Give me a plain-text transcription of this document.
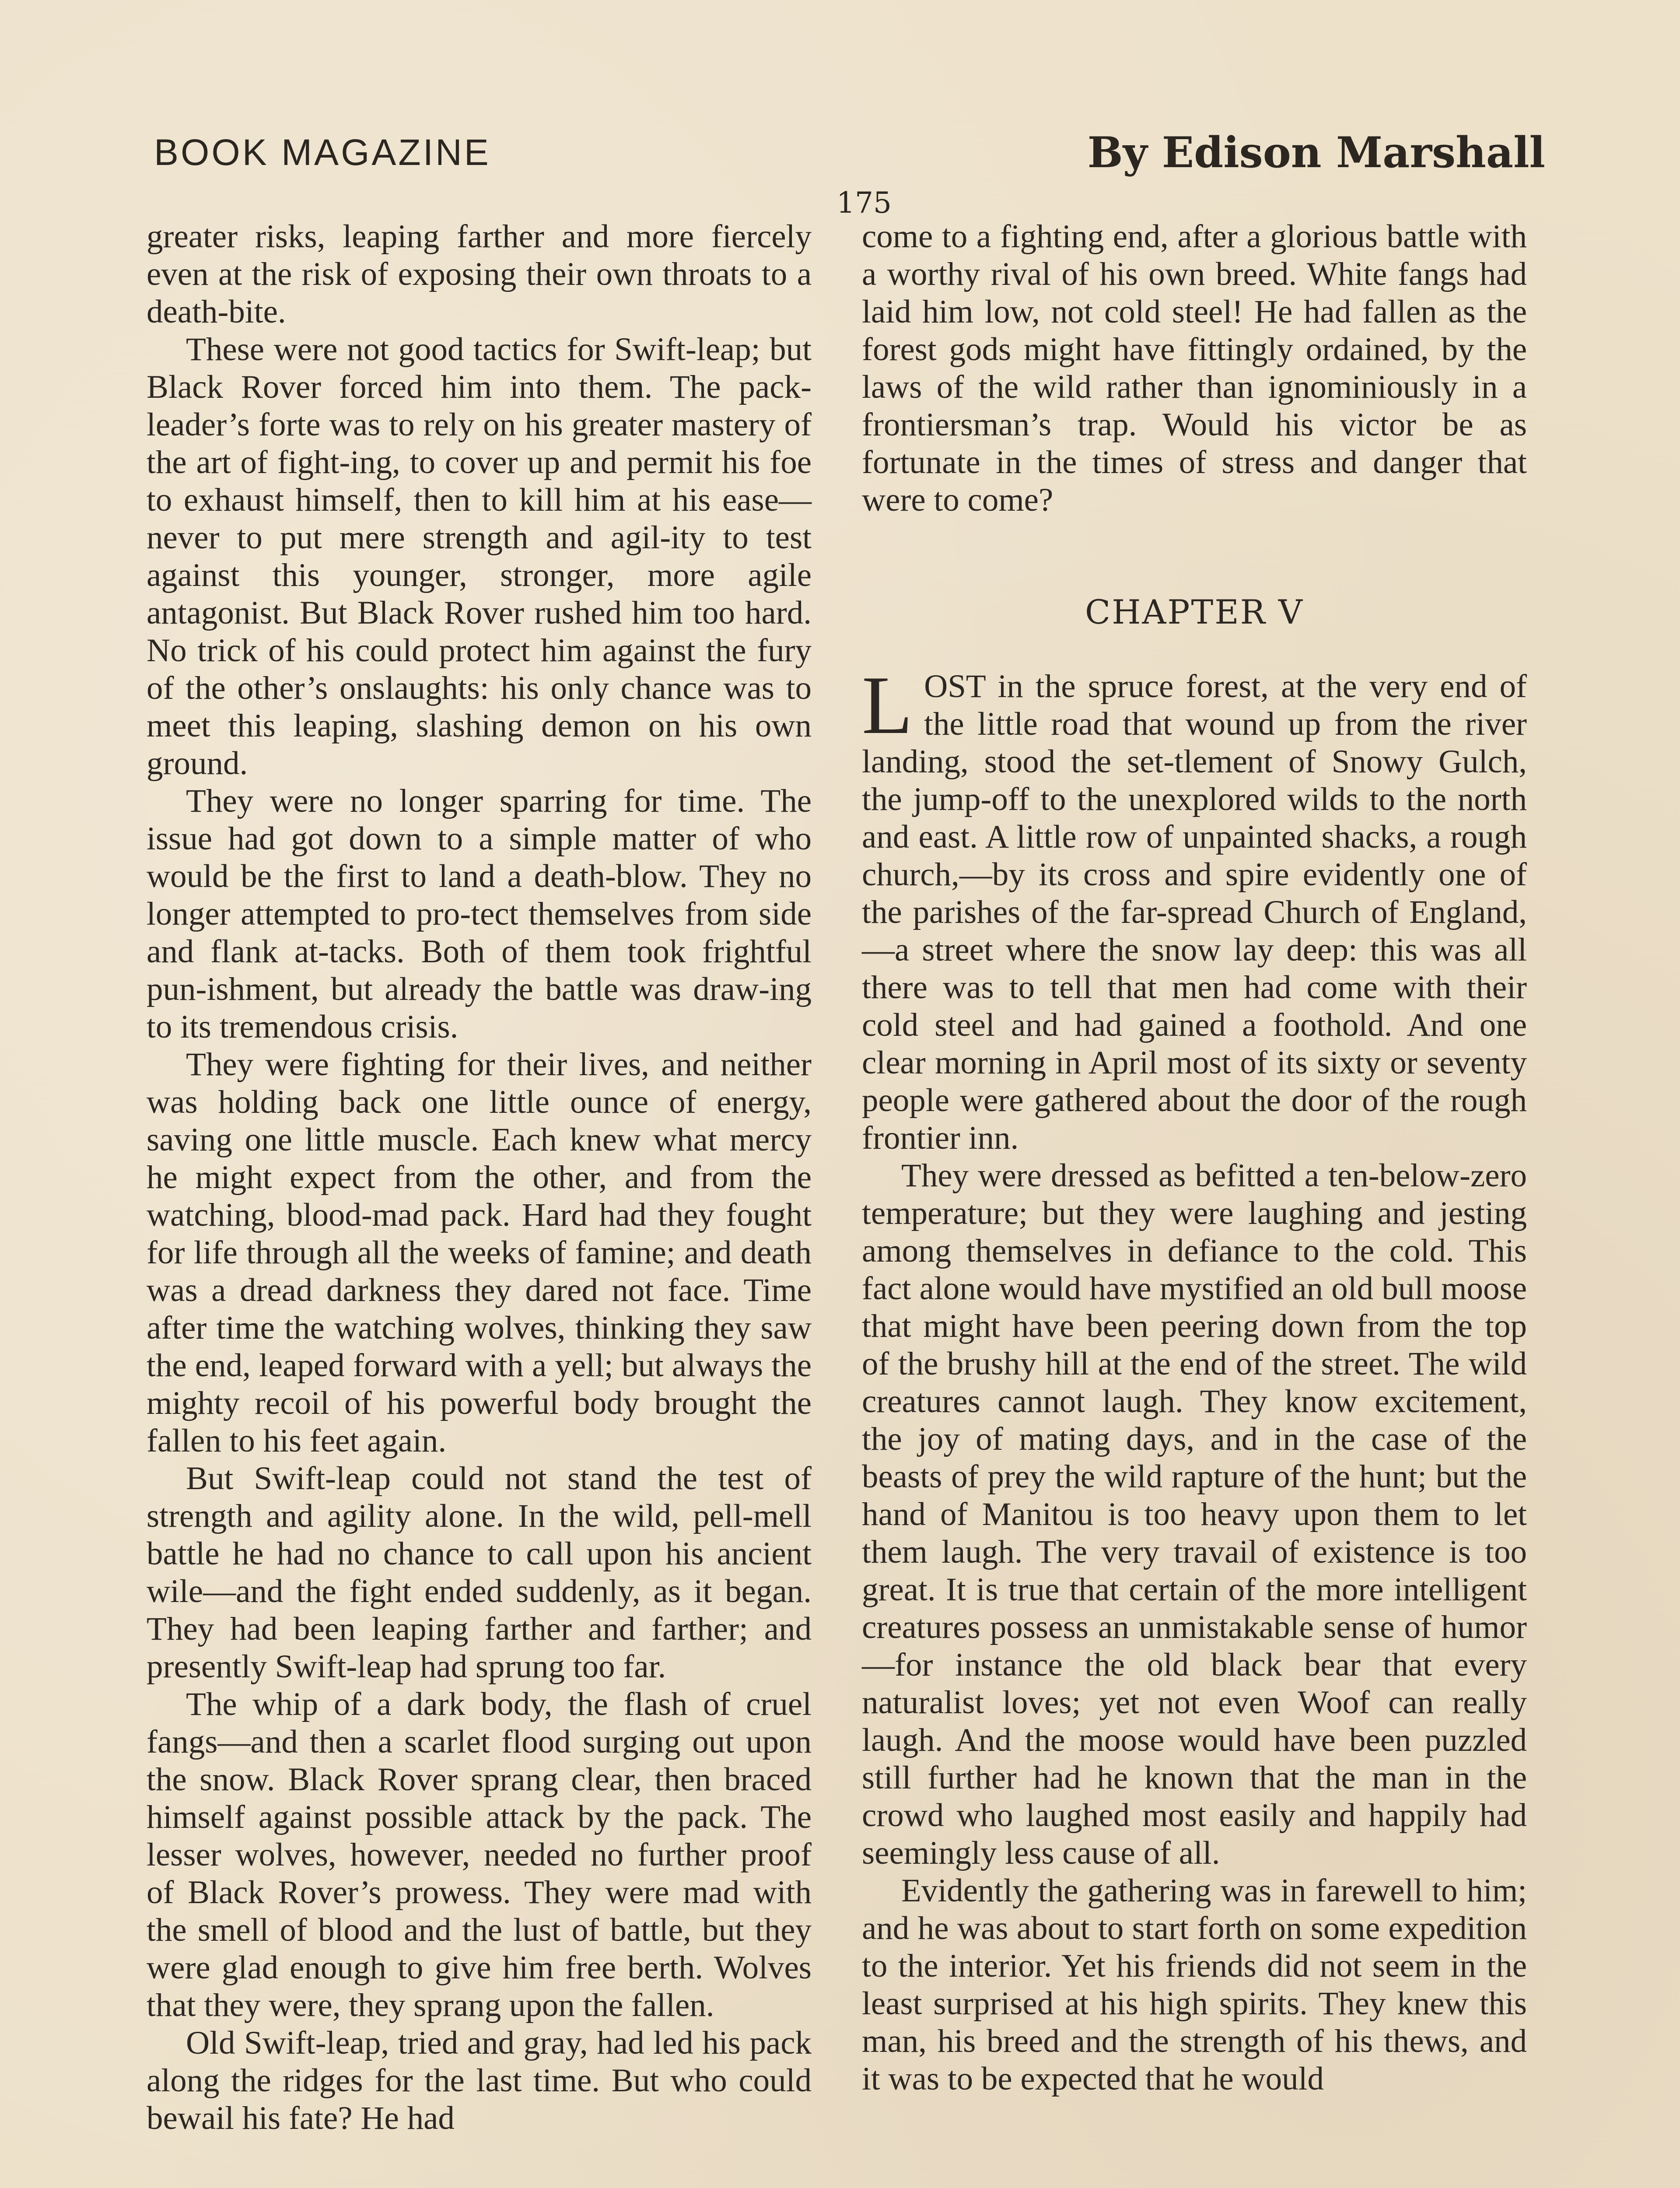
BOOK MAGAZINE	By Edison Marshall
175

greater risks, leaping farther and more fiercely even at the risk of exposing their own throats to a death-bite.

These were not good tactics for Swift-leap; but Black Rover forced him into them. The pack-leader’s forte was to rely on his greater mastery of the art of fight-ing, to cover up and permit his foe to exhaust himself, then to kill him at his ease—never to put mere strength and agil-ity to test against this younger, stronger, more agile antagonist. But Black Rover rushed him too hard. No trick of his could protect him against the fury of the other’s onslaughts: his only chance was to meet this leaping, slashing demon on his own ground.

They were no longer sparring for time. The issue had got down to a simple matter of who would be the first to land a death-blow. They no longer attempted to pro-tect themselves from side and flank at-tacks. Both of them took frightful pun-ishment, but already the battle was draw-ing to its tremendous crisis.

They were fighting for their lives, and neither was holding back one little ounce of energy, saving one little muscle. Each knew what mercy he might expect from the other, and from the watching, blood-mad pack. Hard had they fought for life through all the weeks of famine; and death was a dread darkness they dared not face. Time after time the watching wolves, thinking they saw the end, leaped forward with a yell; but always the mighty recoil of his powerful body brought the fallen to his feet again.

But Swift-leap could not stand the test of strength and agility alone. In the wild, pell-mell battle he had no chance to call upon his ancient wile—and the fight ended suddenly, as it began. They had been leaping farther and farther; and presently Swift-leap had sprung too far.

The whip of a dark body, the flash of cruel fangs—and then a scarlet flood surging out upon the snow. Black Rover sprang clear, then braced himself against possible attack by the pack. The lesser wolves, however, needed no further proof of Black Rover’s prowess. They were mad with the smell of blood and the lust of battle, but they were glad enough to give him free berth. Wolves that they were, they sprang upon the fallen.

Old Swift-leap, tried and gray, had led his pack along the ridges for the last time. But who could bewail his fate? He had

come to a fighting end, after a glorious battle with a worthy rival of his own breed. White fangs had laid him low, not cold steel! He had fallen as the forest gods might have fittingly ordained, by the laws of the wild rather than ignominiously in a frontiersman’s trap. Would his victor be as fortunate in the times of stress and danger that were to come?

CHAPTER V

LOST in the spruce forest, at the very end of the little road that wound up from the river landing, stood the set-tlement of Snowy Gulch, the jump-off to the unexplored wilds to the north and east. A little row of unpainted shacks, a rough church,—by its cross and spire evidently one of the parishes of the far-spread Church of England,—a street where the snow lay deep: this was all there was to tell that men had come with their cold steel and had gained a foothold. And one clear morning in April most of its sixty or seventy people were gathered about the door of the rough frontier inn.

They were dressed as befitted a ten-below-zero temperature; but they were laughing and jesting among themselves in defiance to the cold. This fact alone would have mystified an old bull moose that might have been peering down from the top of the brushy hill at the end of the street. The wild creatures cannot laugh. They know excitement, the joy of mating days, and in the case of the beasts of prey the wild rapture of the hunt; but the hand of Manitou is too heavy upon them to let them laugh. The very travail of existence is too great. It is true that certain of the more intelligent creatures possess an unmistakable sense of humor—for instance the old black bear that every naturalist loves; yet not even Woof can really laugh. And the moose would have been puzzled still further had he known that the man in the crowd who laughed most easily and happily had seemingly less cause of all.

Evidently the gathering was in farewell to him; and he was about to start forth on some expedition to the interior. Yet his friends did not seem in the least surprised at his high spirits. They knew this man, his breed and the strength of his thews, and it was to be expected that he would
